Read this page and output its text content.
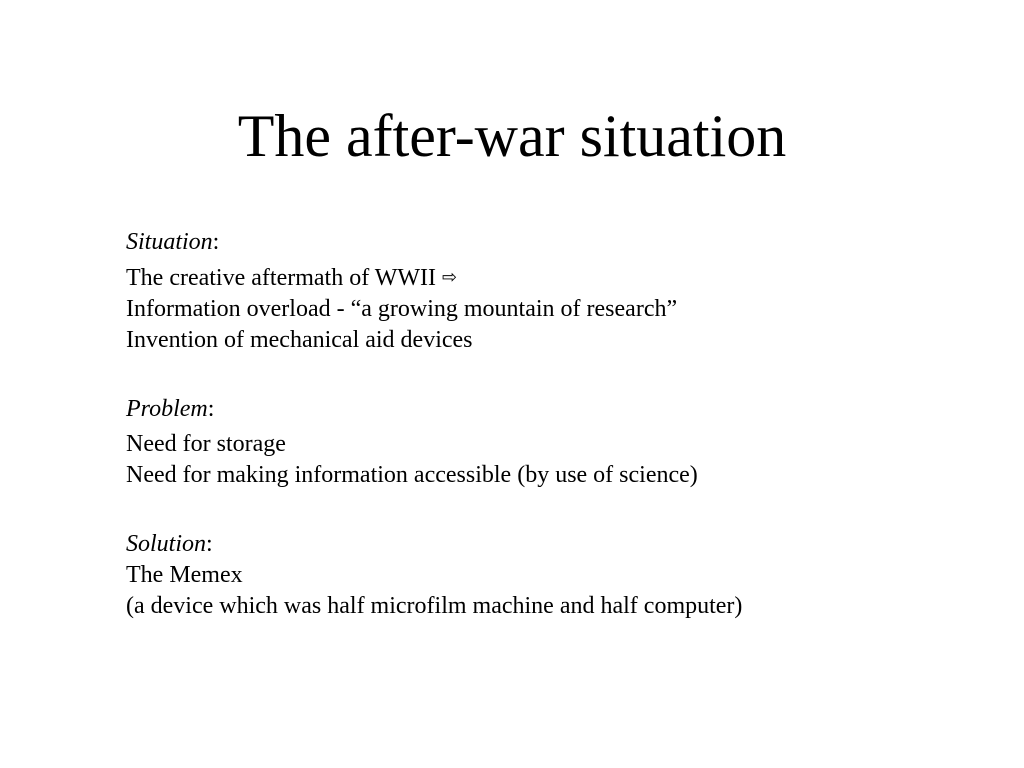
The after-war situation

Situation:

The creative aftermath of WWII ⇨
Information overload - “a growing mountain of research”
Invention of mechanical aid devices

Problem:

Need for storage
Need for making information accessible (by use of science)

Solution:

The Memex
(a device which was half microfilm machine and half computer)
